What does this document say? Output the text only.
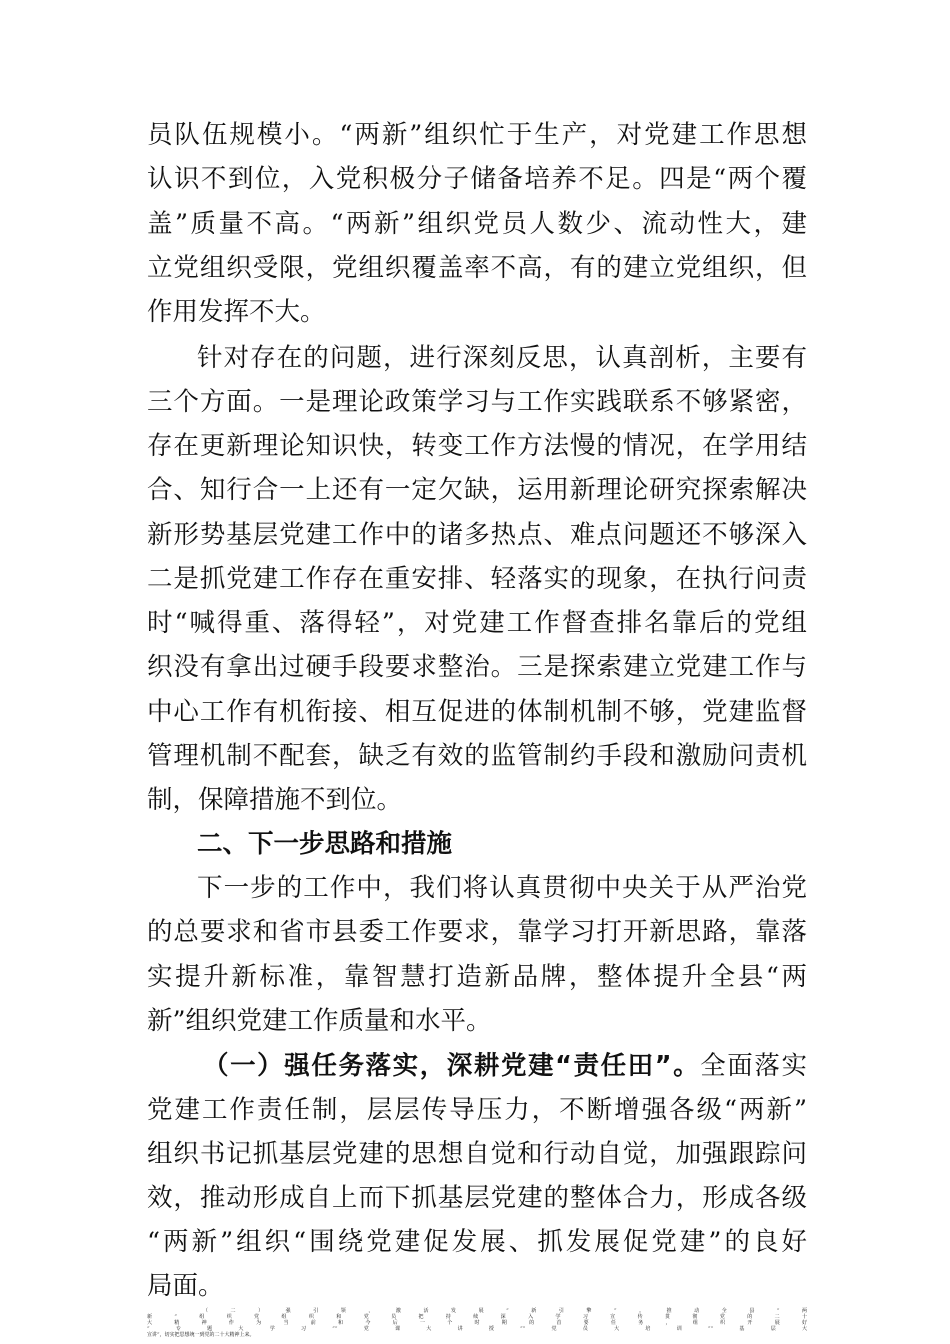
员队伍规模小。“两新”组织忙于生产，对党建工作思想
认识不到位，入党积极分子储备培养不足。四是“两个覆
盖”质量不高。“两新”组织党员人数少、流动性大，建
立党组织受限，党组织覆盖率不高，有的建立党组织，但
作用发挥不大。
针对存在的问题，进行深刻反思，认真剖析，主要有
三个方面。一是理论政策学习与工作实践联系不够紧密，
存在更新理论知识快，转变工作方法慢的情况，在学用结
合、知行合一上还有一定欠缺，运用新理论研究探索解决
新形势基层党建工作中的诸多热点、难点问题还不够深入
二是抓党建工作存在重安排、轻落实的现象，在执行问责
时“喊得重、落得轻”，对党建工作督查排名靠后的党组
织没有拿出过硬手段要求整治。三是探索建立党建工作与
中心工作有机衔接、相互促进的体制机制不够，党建监督
管理机制不配套，缺乏有效的监管制约手段和激励问责机
制，保障措施不到位。
二、下一步思路和措施
下一步的工作中，我们将认真贯彻中央关于从严治党
的总要求和省市县委工作要求，靠学习打开新思路，靠落
实提升新标准，靠智慧打造新品牌，整体提升全县“两
新”组织党建工作质量和水平。
（一）强任务落实，深耕党建“责任田”。全面落实
党建工作责任制，层层传导压力，不断增强各级“两新”
组织书记抓基层党建的思想自觉和行动自觉，加强跟踪问
效，推动形成自上而下抓基层党建的整体合力，形成各级
“两新”组织“围绕党建促发展、抓发展促党建”的良好
局面。
（二）强引领，激活发展“新引擎”。推动全县“两
新”组织党组织和党员把持续深入学习宣传贯彻党的二十
大精神作为当前和今后一个时期的首要任务，组织开展好
“专题大学习”“党课大讲授”“党员大培训”“基层大
宣讲”，切实把思想统一到党的二十大精神上来。
